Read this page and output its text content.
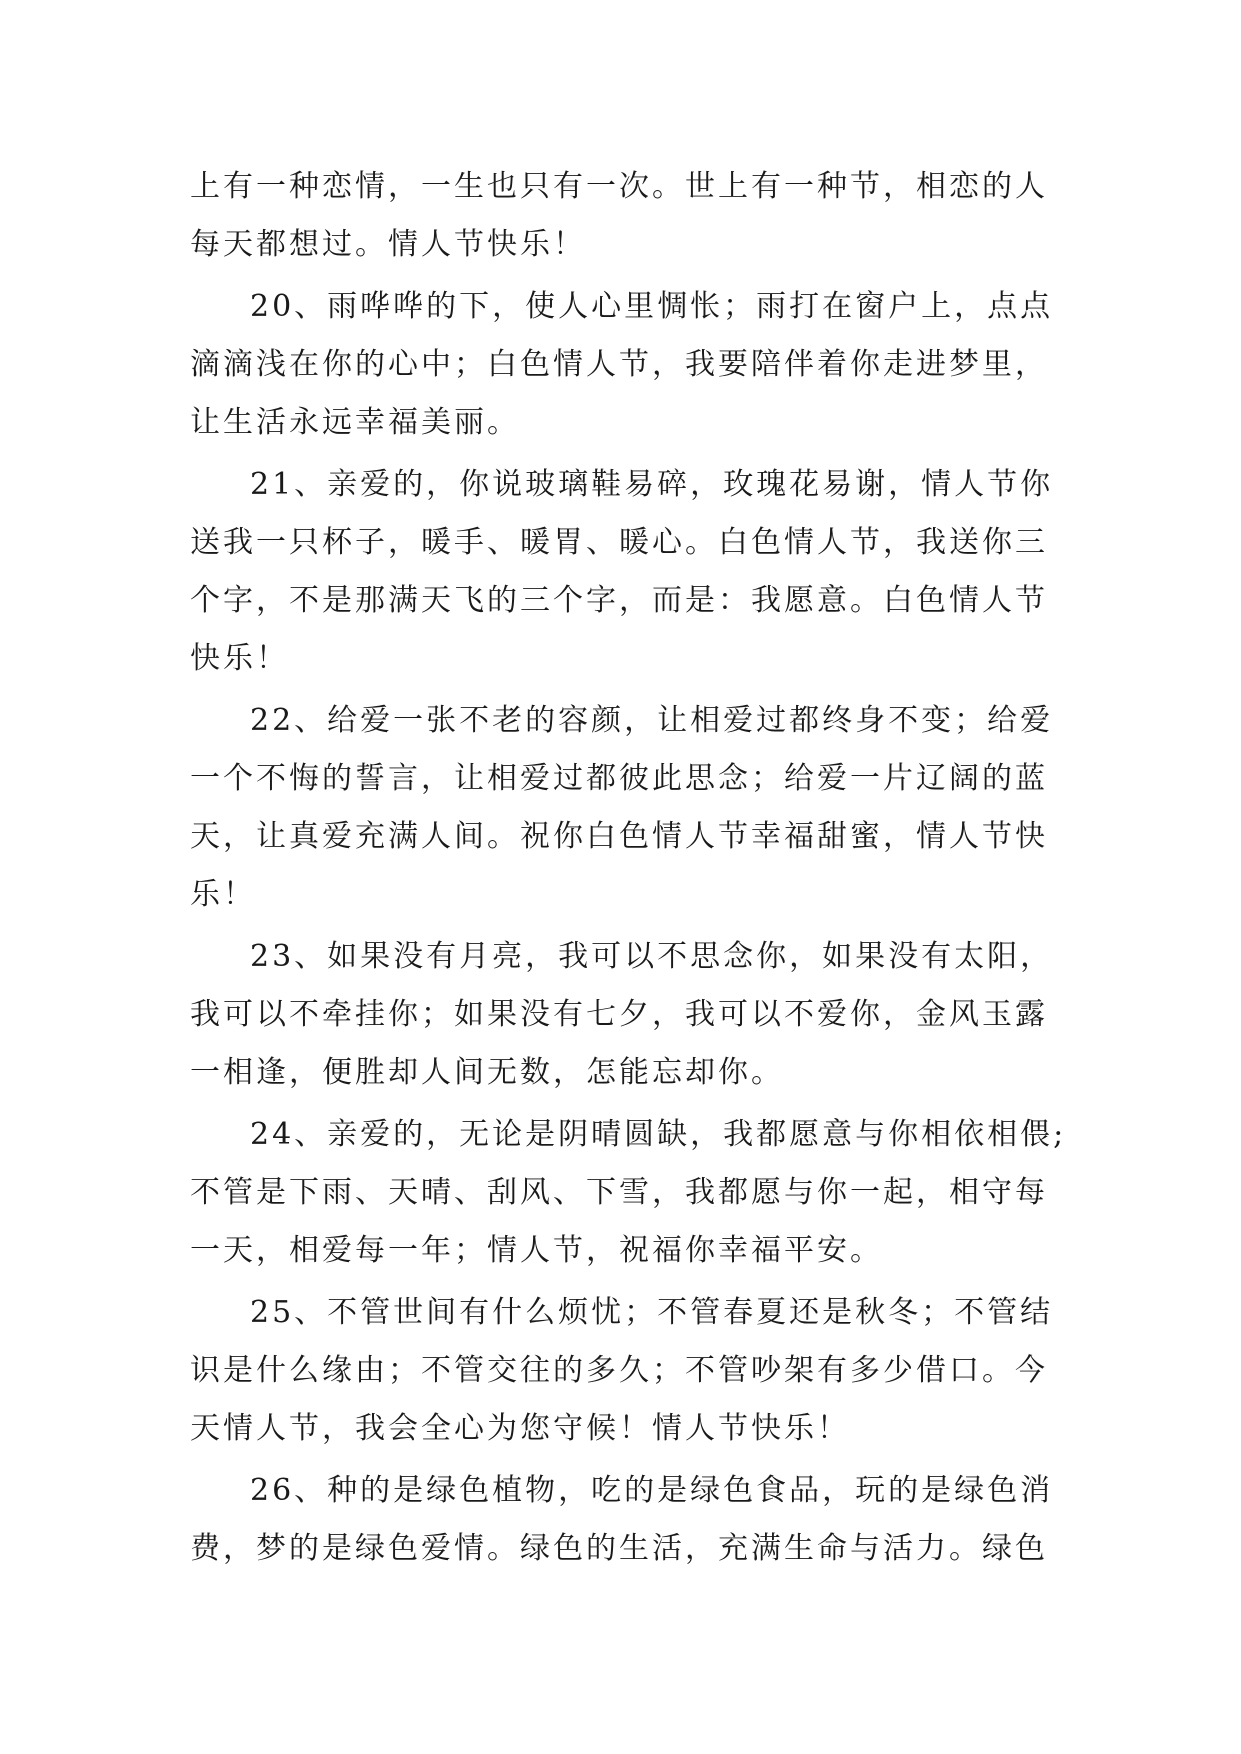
上有一种恋情，一生也只有一次。世上有一种节，相恋的人
每天都想过。情人节快乐！

20、雨哗哗的下，使人心里惆怅；雨打在窗户上，点点
滴滴浅在你的心中；白色情人节，我要陪伴着你走进梦里，
让生活永远幸福美丽。

21、亲爱的，你说玻璃鞋易碎，玫瑰花易谢，情人节你
送我一只杯子，暖手、暖胃、暖心。白色情人节，我送你三
个字，不是那满天飞的三个字，而是：我愿意。白色情人节
快乐！

22、给爱一张不老的容颜，让相爱过都终身不变；给爱
一个不悔的誓言，让相爱过都彼此思念；给爱一片辽阔的蓝
天，让真爱充满人间。祝你白色情人节幸福甜蜜，情人节快
乐！

23、如果没有月亮，我可以不思念你，如果没有太阳，
我可以不牵挂你；如果没有七夕，我可以不爱你，金风玉露
一相逢，便胜却人间无数，怎能忘却你。

24、亲爱的，无论是阴晴圆缺，我都愿意与你相依相偎;
不管是下雨、天晴、刮风、下雪，我都愿与你一起，相守每
一天，相爱每一年；情人节，祝福你幸福平安。

25、不管世间有什么烦忧；不管春夏还是秋冬；不管结
识是什么缘由；不管交往的多久；不管吵架有多少借口。今
天情人节，我会全心为您守候！情人节快乐！

26、种的是绿色植物，吃的是绿色食品，玩的是绿色消
费，梦的是绿色爱情。绿色的生活，充满生命与活力。绿色
